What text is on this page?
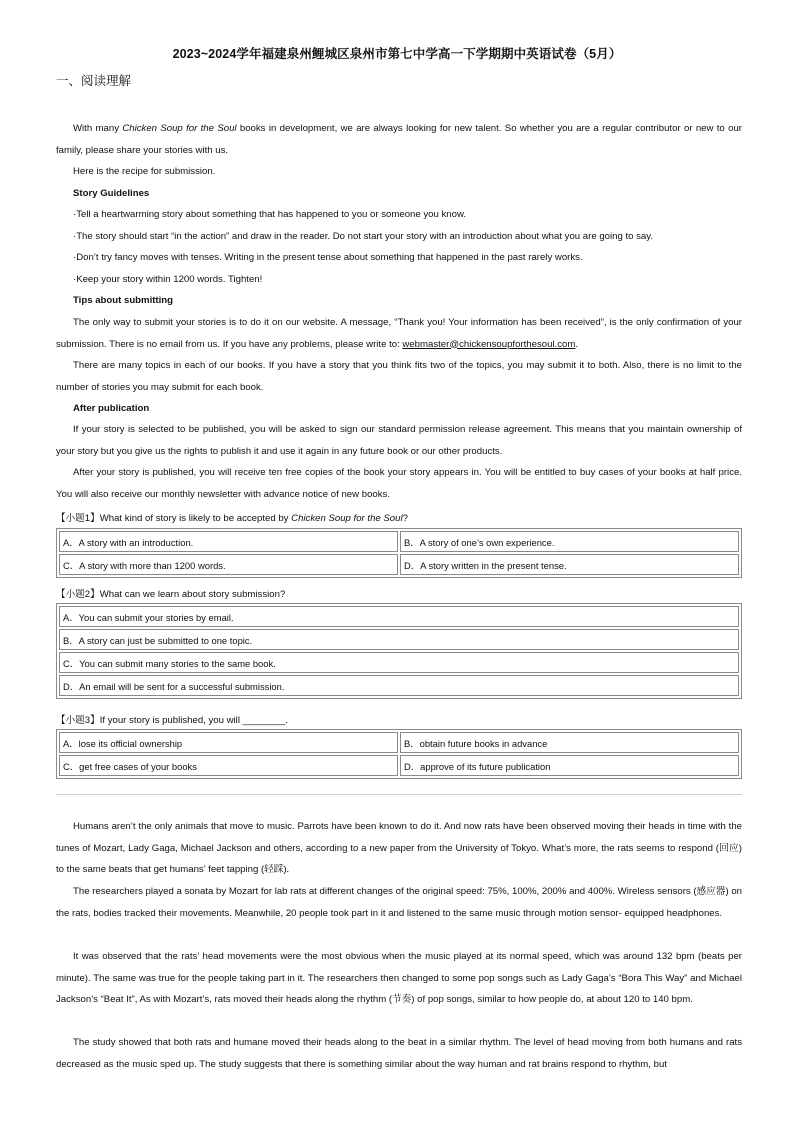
2023~2024学年福建泉州鲤城区泉州市第七中学高一下学期期中英语试卷（5月）
一、阅读理解

With many Chicken Soup for the Soul books in development, we are always looking for new talent. So whether you are a regular contributor or new to our family, please share your stories with us.

Here is the recipe for submission.

Story Guidelines

·Tell a heartwarming story about something that has happened to you or someone you know.

·The story should start “in the action” and draw in the reader. Do not start your story with an introduction about what you are going to say.

·Don’t try fancy moves with tenses. Writing in the present tense about something that happened in the past rarely works.

·Keep your story within 1200 words. Tighten!

Tips about submitting

The only way to submit your stories is to do it on our website. A message, “Thank you! Your information has been received”, is the only confirmation of your submission. There is no email from us. If you have any problems, please write to: webmaster@chickensoupforthesoul.com.

There are many topics in each of our books. If you have a story that you think fits two of the topics, you may submit it to both. Also, there is no limit to the number of stories you may submit for each book.

After publication

If your story is selected to be published, you will be asked to sign our standard permission release agreement. This means that you maintain ownership of your story but you give us the rights to publish it and use it again in any future book or our other products.

After your story is published, you will receive ten free copies of the book your story appears in. You will be entitled to buy cases of your books at half price. You will also receive our monthly newsletter with advance notice of new books.

【小题1】What kind of story is likely to be accepted by Chicken Soup for the Soul?
A．A story with an introduction.	B．A story of one’s own experience.
C．A story with more than 1200 words.	D．A story written in the present tense.
【小题2】What can we learn about story submission?
A．You can submit your stories by email.
B．A story can just be submitted to one topic.
C．You can submit many stories to the same book.
D．An email will be sent for a successful submission.
【小题3】If your story is published, you will ________.
A．lose its official ownership	B．obtain future books in advance
C．get free cases of your books	D．approve of its future publication

Humans aren’t the only animals that move to music. Parrots have been known to do it. And now rats have been observed moving their heads in time with the tunes of Mozart, Lady Gaga, Michael Jackson and others, according to a new paper from the University of Tokyo. What’s more, the rats seems to respond (回应) to the same beats that get humans’ feet tapping (轻踩).

The researchers played a sonata by Mozart for lab rats at different changes of the original speed: 75%, 100%, 200% and 400%. Wireless sensors (感应器) on the rats, bodies tracked their movements. Meanwhile, 20 people took part in it and listened to the same music through motion sensor- equipped headphones.

It was observed that the rats’ head movements were the most obvious when the music played at its normal speed, which was around 132 bpm (beats per minute). The same was true for the people taking part in it. The researchers then changed to some pop songs such as Lady Gaga’s “Bora This Way” and Michael Jackson’s “Beat It”, As with Mozart’s, rats moved their heads along the rhythm (节奏) of pop songs, similar to how people do, at about 120 to 140 bpm.

The study showed that both rats and humane moved their heads along to the beat in a similar rhythm. The level of head moving from both humans and rats decreased as the music sped up. The study suggests that there is something similar about the way human and rat brains respond to rhythm, but
